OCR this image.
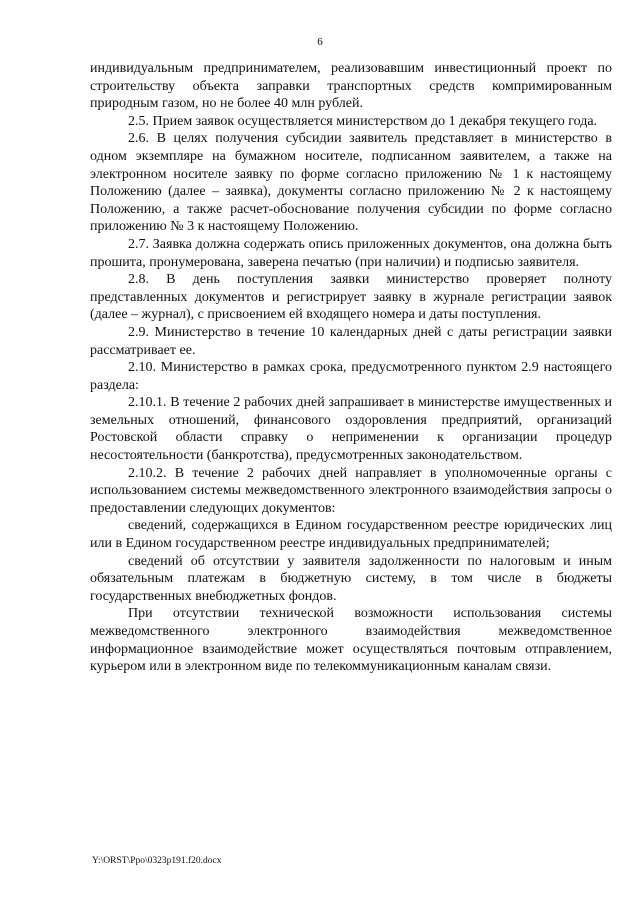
6

индивидуальным предпринимателем, реализовавшим инвестиционный проект по строительству объекта заправки транспортных средств компримированным природным газом, но не более 40 млн рублей.

2.5. Прием заявок осуществляется министерством до 1 декабря текущего года.

2.6. В целях получения субсидии заявитель представляет в министерство в одном экземпляре на бумажном носителе, подписанном заявителем, а также на электронном носителе заявку по форме согласно приложению № 1 к настоящему Положению (далее – заявка), документы согласно приложению № 2 к настоящему Положению, а также расчет-обоснование получения субсидии по форме согласно приложению № 3 к настоящему Положению.

2.7. Заявка должна содержать опись приложенных документов, она должна быть прошита, пронумерована, заверена печатью (при наличии) и подписью заявителя.

2.8. В день поступления заявки министерство проверяет полноту представленных документов и регистрирует заявку в журнале регистрации заявок (далее – журнал), с присвоением ей входящего номера и даты поступления.

2.9. Министерство в течение 10 календарных дней с даты регистрации заявки рассматривает ее.

2.10. Министерство в рамках срока, предусмотренного пунктом 2.9 настоящего раздела:

2.10.1. В течение 2 рабочих дней запрашивает в министерстве имущественных и земельных отношений, финансового оздоровления предприятий, организаций Ростовской области справку о неприменении к организации процедур несостоятельности (банкротства), предусмотренных законодательством.

2.10.2. В течение 2 рабочих дней направляет в уполномоченные органы с использованием системы межведомственного электронного взаимодействия запросы о предоставлении следующих документов:

сведений, содержащихся в Едином государственном реестре юридических лиц или в Едином государственном реестре индивидуальных предпринимателей;

сведений об отсутствии у заявителя задолженности по налоговым и иным обязательным платежам в бюджетную систему, в том числе в бюджеты государственных внебюджетных фондов.

При отсутствии технической возможности использования системы межведомственного электронного взаимодействия межведомственное информационное взаимодействие может осуществляться почтовым отправлением, курьером или в электронном виде по телекоммуникационным каналам связи.

Y:\ORST\Ppo\0323p191.f20.docx
